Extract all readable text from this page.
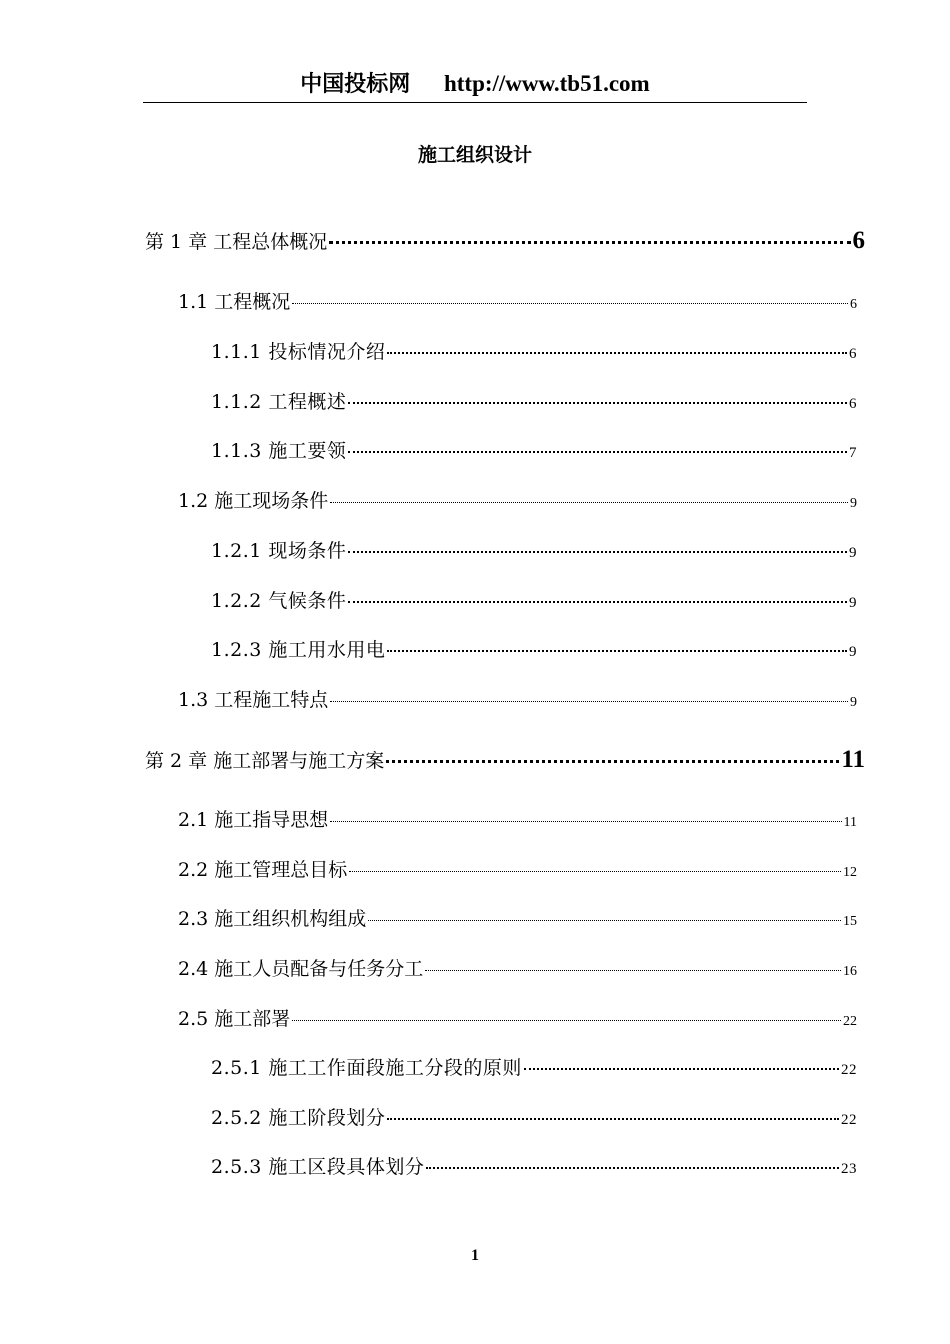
中国投标网 http://www.tb51.com
施工组织设计
第 1 章 工程总体概况	6
1.1 工程概况	6
1.1.1 投标情况介绍	6
1.1.2 工程概述	6
1.1.3 施工要领	7
1.2 施工现场条件	9
1.2.1 现场条件	9
1.2.2 气候条件	9
1.2.3 施工用水用电	9
1.3 工程施工特点	9
第 2 章 施工部署与施工方案	11
2.1 施工指导思想	11
2.2 施工管理总目标	12
2.3 施工组织机构组成	15
2.4 施工人员配备与任务分工	16
2.5 施工部署	22
2.5.1 施工工作面段施工分段的原则	22
2.5.2 施工阶段划分	22
2.5.3 施工区段具体划分	23
1
